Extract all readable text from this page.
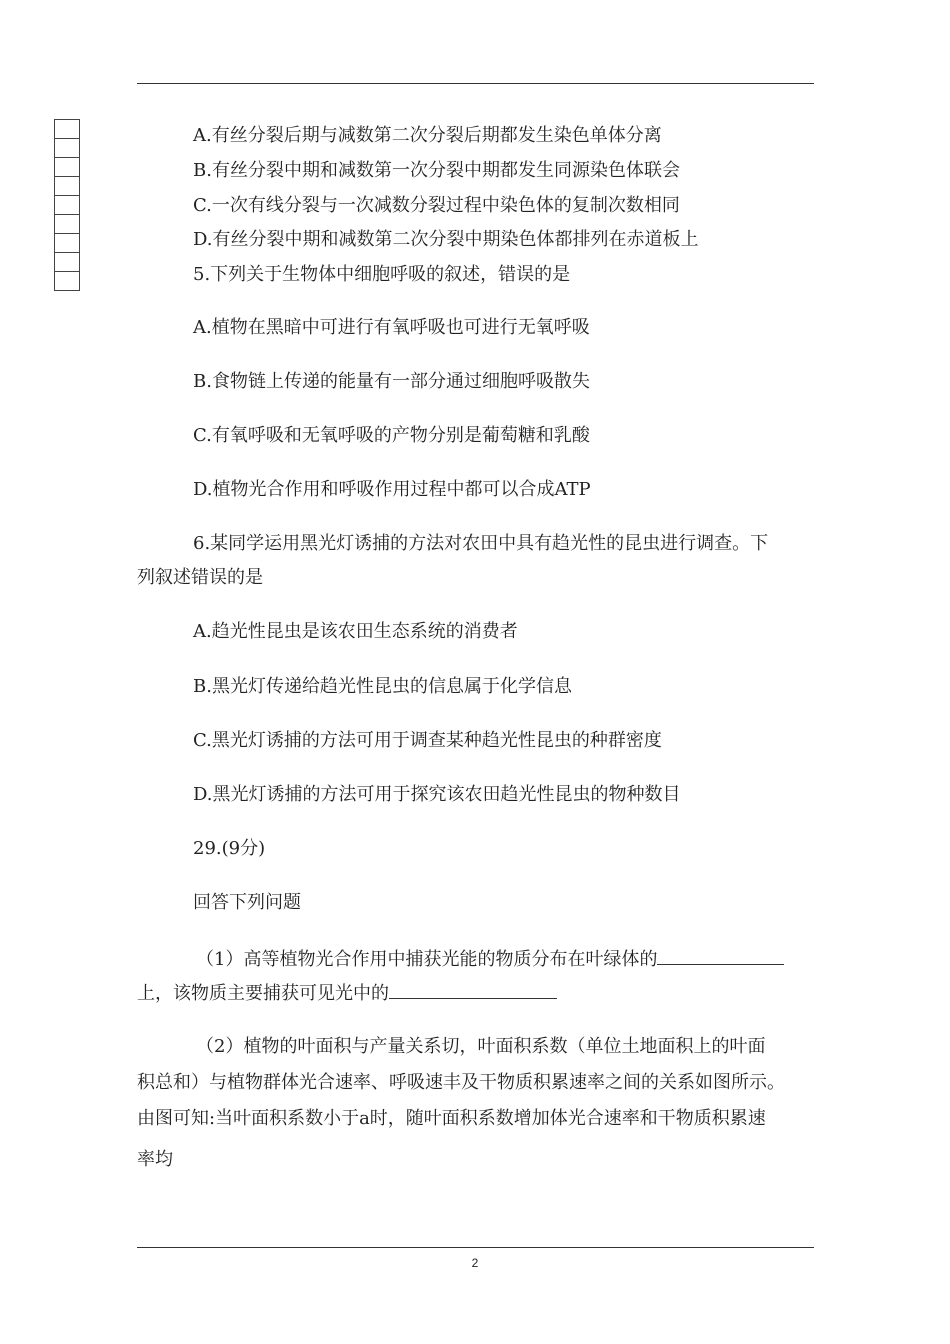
A.有丝分裂后期与减数第二次分裂后期都发生染色单体分离
B.有丝分裂中期和减数第一次分裂中期都发生同源染色体联会
C.一次有线分裂与一次减数分裂过程中染色体的复制次数相同
D.有丝分裂中期和减数第二次分裂中期染色体都排列在赤道板上
5.下列关于生物体中细胞呼吸的叙述，错误的是
A.植物在黑暗中可进行有氧呼吸也可进行无氧呼吸
B.食物链上传递的能量有一部分通过细胞呼吸散失
C.有氧呼吸和无氧呼吸的产物分别是葡萄糖和乳酸
D.植物光合作用和呼吸作用过程中都可以合成ATP
6.某同学运用黑光灯诱捕的方法对农田中具有趋光性的昆虫进行调查。下
列叙述错误的是
A.趋光性昆虫是该农田生态系统的消费者
B.黑光灯传递给趋光性昆虫的信息属于化学信息
C.黑光灯诱捕的方法可用于调查某种趋光性昆虫的种群密度
D.黑光灯诱捕的方法可用于探究该农田趋光性昆虫的物种数目
29.(9分)
回答下列问题
（1）高等植物光合作用中捕获光能的物质分布在叶绿体的
上，该物质主要捕获可见光中的
（2）植物的叶面积与产量关系切，叶面积系数（单位土地面积上的叶面
积总和）与植物群体光合速率、呼吸速丰及干物质积累速率之间的关系如图所示。
由图可知:当叶面积系数小于a时，随叶面积系数增加体光合速率和干物质积累速
率均
2
